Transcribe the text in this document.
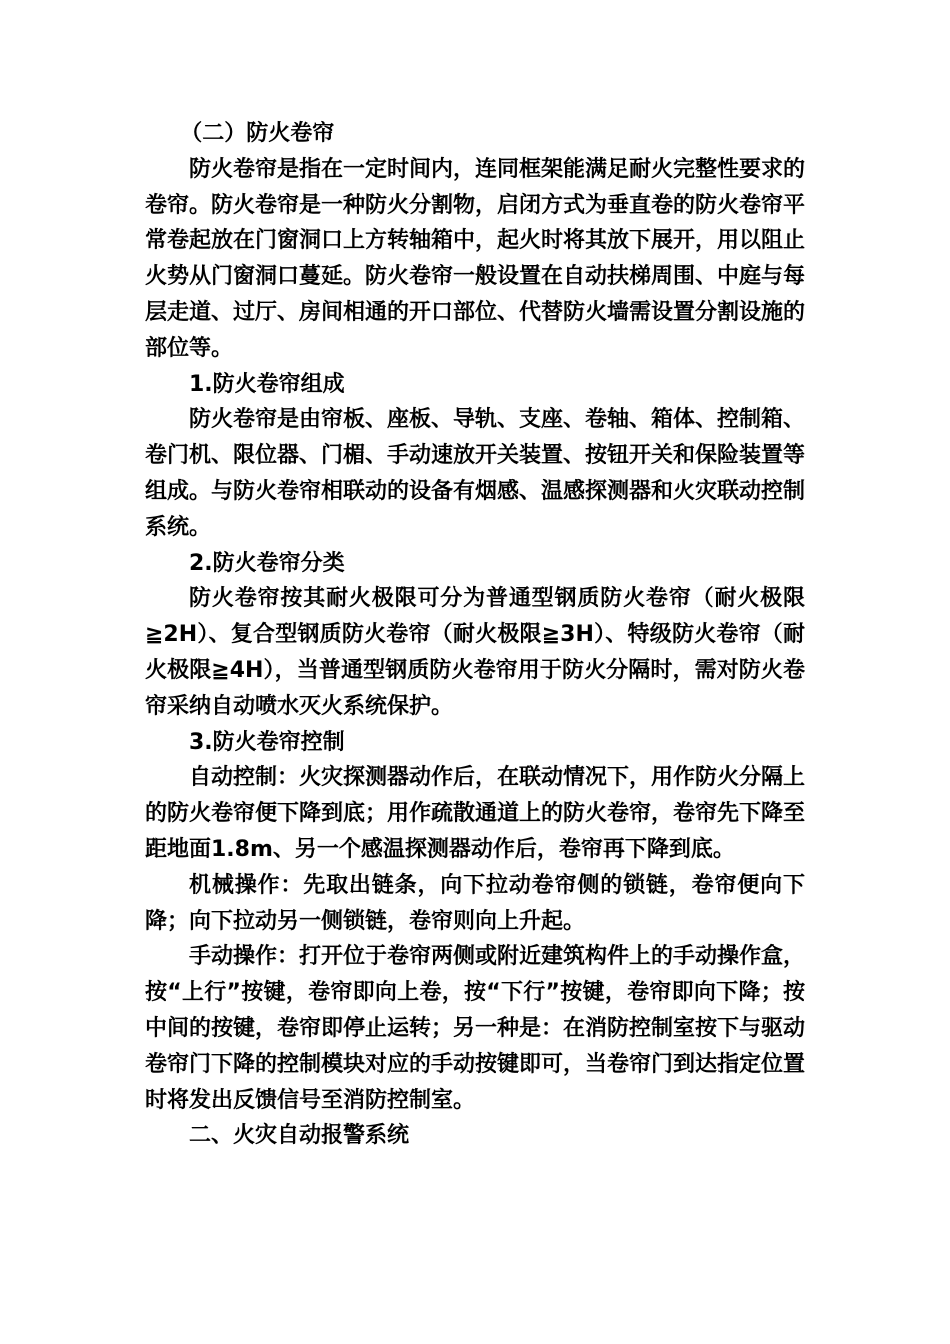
（二）防火卷帘

防火卷帘是指在一定时间内，连同框架能满足耐火完整性要求的卷帘。防火卷帘是一种防火分割物，启闭方式为垂直卷的防火卷帘平常卷起放在门窗洞口上方转轴箱中，起火时将其放下展开，用以阻止火势从门窗洞口蔓延。防火卷帘一般设置在自动扶梯周围、中庭与每层走道、过厅、房间相通的开口部位、代替防火墙需设置分割设施的部位等。

1.防火卷帘组成

防火卷帘是由帘板、座板、导轨、支座、卷轴、箱体、控制箱、卷门机、限位器、门楣、手动速放开关装置、按钮开关和保险装置等组成。与防火卷帘相联动的设备有烟感、温感探测器和火灾联动控制系统。

2.防火卷帘分类

防火卷帘按其耐火极限可分为普通型钢质防火卷帘（耐火极限≧2H）、复合型钢质防火卷帘（耐火极限≧3H）、特级防火卷帘（耐火极限≧4H），当普通型钢质防火卷帘用于防火分隔时，需对防火卷帘采纳自动喷水灭火系统保护。

3.防火卷帘控制

自动控制：火灾探测器动作后，在联动情况下，用作防火分隔上的防火卷帘便下降到底；用作疏散通道上的防火卷帘，卷帘先下降至距地面1.8m、另一个感温探测器动作后，卷帘再下降到底。

机械操作：先取出链条，向下拉动卷帘侧的锁链，卷帘便向下降；向下拉动另一侧锁链，卷帘则向上升起。

手动操作：打开位于卷帘两侧或附近建筑构件上的手动操作盒，按“上行”按键，卷帘即向上卷，按“下行”按键，卷帘即向下降；按中间的按键，卷帘即停止运转；另一种是：在消防控制室按下与驱动卷帘门下降的控制模块对应的手动按键即可，当卷帘门到达指定位置时将发出反馈信号至消防控制室。

二、火灾自动报警系统
